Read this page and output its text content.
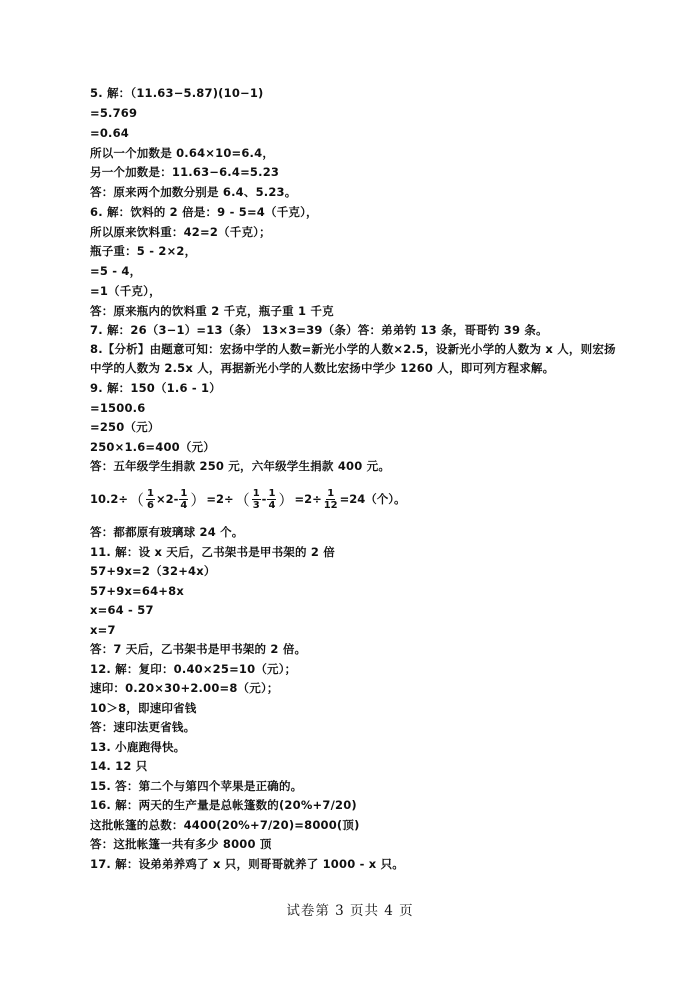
5. 解：（11.63−5.87)(10−1)
=5.769
=0.64
所以一个加数是 0.64×10=6.4，
另一个加数是：11.63−6.4=5.23
答：原来两个加数分别是 6.4、5.23。
6. 解：饮料的 2 倍是：9 - 5=4（千克），
所以原来饮料重：42=2（千克）；
瓶子重：5 - 2×2，
=5 - 4，
=1（千克），
答：原来瓶内的饮料重 2 千克，瓶子重 1 千克
7. 解：26（3−1）=13（条） 13×3=39（条）答：弟弟钓 13 条，哥哥钓 39 条。
8.【分析】由题意可知：宏扬中学的人数=新光小学的人数×2.5，设新光小学的人数为 x 人，则宏扬
中学的人数为 2.5x 人，再据新光小学的人数比宏扬中学少 1260 人，即可列方程求解。
9. 解：150（1.6 - 1）
=1500.6
=250（元）
250×1.6=400（元）
答：五年级学生捐款 250 元，六年级学生捐款 400 元。
10.2÷ （ $\frac{1}{6} \times 2- \frac{1}{4}$ ） =2÷ （ $\frac{1}{3} - \frac{1}{4}$ ） $=2\div \frac{1}{12} =24$（个）。
答：都都原有玻璃球 24 个。
11. 解：设 x 天后，乙书架书是甲书架的 2 倍
57+9x=2（32+4x）
57+9x=64+8x
x=64 - 57
x=7
答：7 天后，乙书架书是甲书架的 2 倍。
12. 解：复印：0.40×25=10（元）；
速印：0.20×30+2.00=8（元）；
10＞8，即速印省钱
答：速印法更省钱。
13. 小鹿跑得快。
14. 12 只
15. 答：第二个与第四个苹果是正确的。
16. 解：两天的生产量是总帐篷数的(20%+7/20)
这批帐篷的总数：4400(20%+7/20)=8000(顶)
答：这批帐篷一共有多少 8000 顶
17. 解：设弟弟养鸡了 x 只，则哥哥就养了 1000 - x 只。
试卷第 3 页共 4 页
